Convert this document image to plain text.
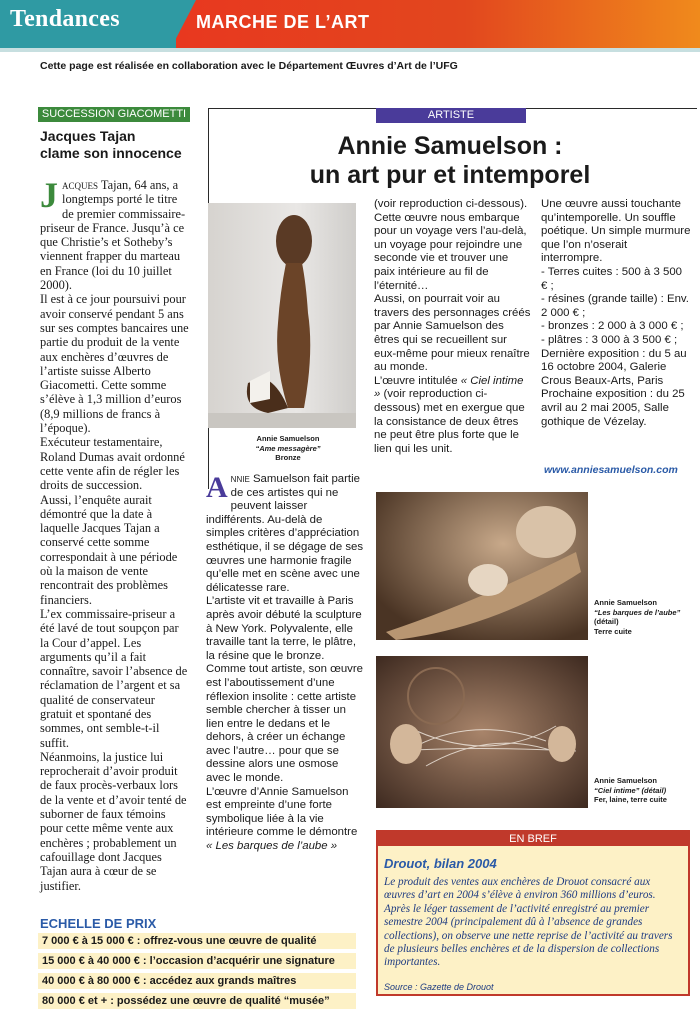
Tendances	MARCHE DE L’ART
Cette page est réalisée en collaboration avec le Département Œuvres d’Art de l’UFG
SUCCESSION GIACOMETTI
Jacques Tajan
clame son innocence

Jacques Tajan, 64 ans, a longtemps porté le titre de premier commissaire-priseur de France. Jusqu’à ce que Christie’s et Sotheby’s viennent frapper du marteau en France (loi du 10 juillet 2000).

Il est à ce jour poursuivi pour avoir conservé pendant 5 ans sur ses comptes bancaires une partie du produit de la vente aux enchères d’œuvres de l’artiste suisse Alberto Giacometti. Cette somme s’élève à 1,3 million d’euros (8,9 millions de francs à l’époque).

Exécuteur testamentaire, Roland Dumas avait ordonné cette vente afin de régler les droits de succession.

Aussi, l’enquête aurait démontré que la date à laquelle Jacques Tajan a conservé cette somme correspondait à une période où la maison de vente rencontrait des problèmes financiers.

L’ex commissaire-priseur a été lavé de tout soupçon par la Cour d’appel. Les arguments qu’il a fait connaître, savoir l’absence de réclamation de l’argent et sa qualité de conservateur gratuit et spontané des sommes, ont semble-t-il suffit.

Néanmoins, la justice lui reprocherait d’avoir produit de faux procès-verbaux lors de la vente et d’avoir tenté de suborner de faux témoins pour cette même vente aux enchères ; probablement un cafouillage dont Jacques Tajan aura à cœur de se justifier.

ECHELLE DE PRIX
7 000 € à 15 000 € : offrez-vous une œuvre de qualité
15 000 € à 40 000 € : l’occasion d’acquérir une signature
40 000 € à 80 000 € : accédez aux grands maîtres
80 000 € et + : possédez une œuvre de qualité “musée”
ARTISTE
Annie Samuelson :
un art pur et intemporel
Annie Samuelson
“Ame messagère”
Bronze

Annie Samuelson fait partie de ces artistes qui ne peuvent laisser indifférents. Au-delà de simples critères d’appréciation esthétique, il se dégage de ses œuvres une harmonie fragile qu’elle met en scène avec une délicatesse rare.

L’artiste vit et travaille à Paris après avoir débuté la sculpture à New York. Polyvalente, elle travaille tant la terre, le plâtre, la résine que le bronze.

Comme tout artiste, son œuvre est l’aboutissement d’une réflexion insolite : cette artiste semble chercher à tisser un lien entre le dedans et le dehors, à créer un échange avec l’autre… pour que se dessine alors une osmose avec le monde.

L’œuvre d’Annie Samuelson est empreinte d’une forte symbolique liée à la vie intérieure comme le démontre « Les barques de l’aube »

(voir reproduction ci-dessous). Cette œuvre nous embarque pour un voyage vers l’au-delà, un voyage pour rejoindre une seconde vie et trouver une paix intérieure au fil de l’éternité…

Aussi, on pourrait voir au travers des personnages créés par Annie Samuelson des êtres qui se recueillent sur eux-même pour mieux renaître au monde.

L’œuvre intitulée « Ciel intime » (voir reproduction ci-dessous) met en exergue que la consistance de deux êtres ne peut être plus forte que le lien qui les unit.

Une œuvre aussi touchante qu’intemporelle. Un souffle poétique. Un simple murmure que l’on n’oserait interrompre.

- Terres cuites : 500 à 3 500 € ;

- résines (grande taille) : Env. 2 000 € ;

- bronzes : 2 000 à 3 000 € ;

- plâtres : 3 000 à 3 500 € ;

Dernière exposition : du 5 au 16 octobre 2004, Galerie Crous Beaux-Arts, Paris

Prochaine exposition : du 25 avril au 2 mai 2005, Salle gothique de Vézelay.

www.anniesamuelson.com
Annie Samuelson
“Les barques de l’aube”
(détail)
Terre cuite
Annie Samuelson
“Ciel intime” (détail)
Fer, laine, terre cuite
EN BREF
Drouot, bilan 2004
Le produit des ventes aux enchères de Drouot consacré aux œuvres d’art en 2004 s’élève à environ 360 millions d’euros. Après le léger tassement de l’activité enregistré au premier semestre 2004 (principalement dû à l’absence de grandes collections), on observe une nette reprise de l’activité au travers de plusieurs belles enchères et de la dispersion de collections importantes.
Source : Gazette de Drouot
